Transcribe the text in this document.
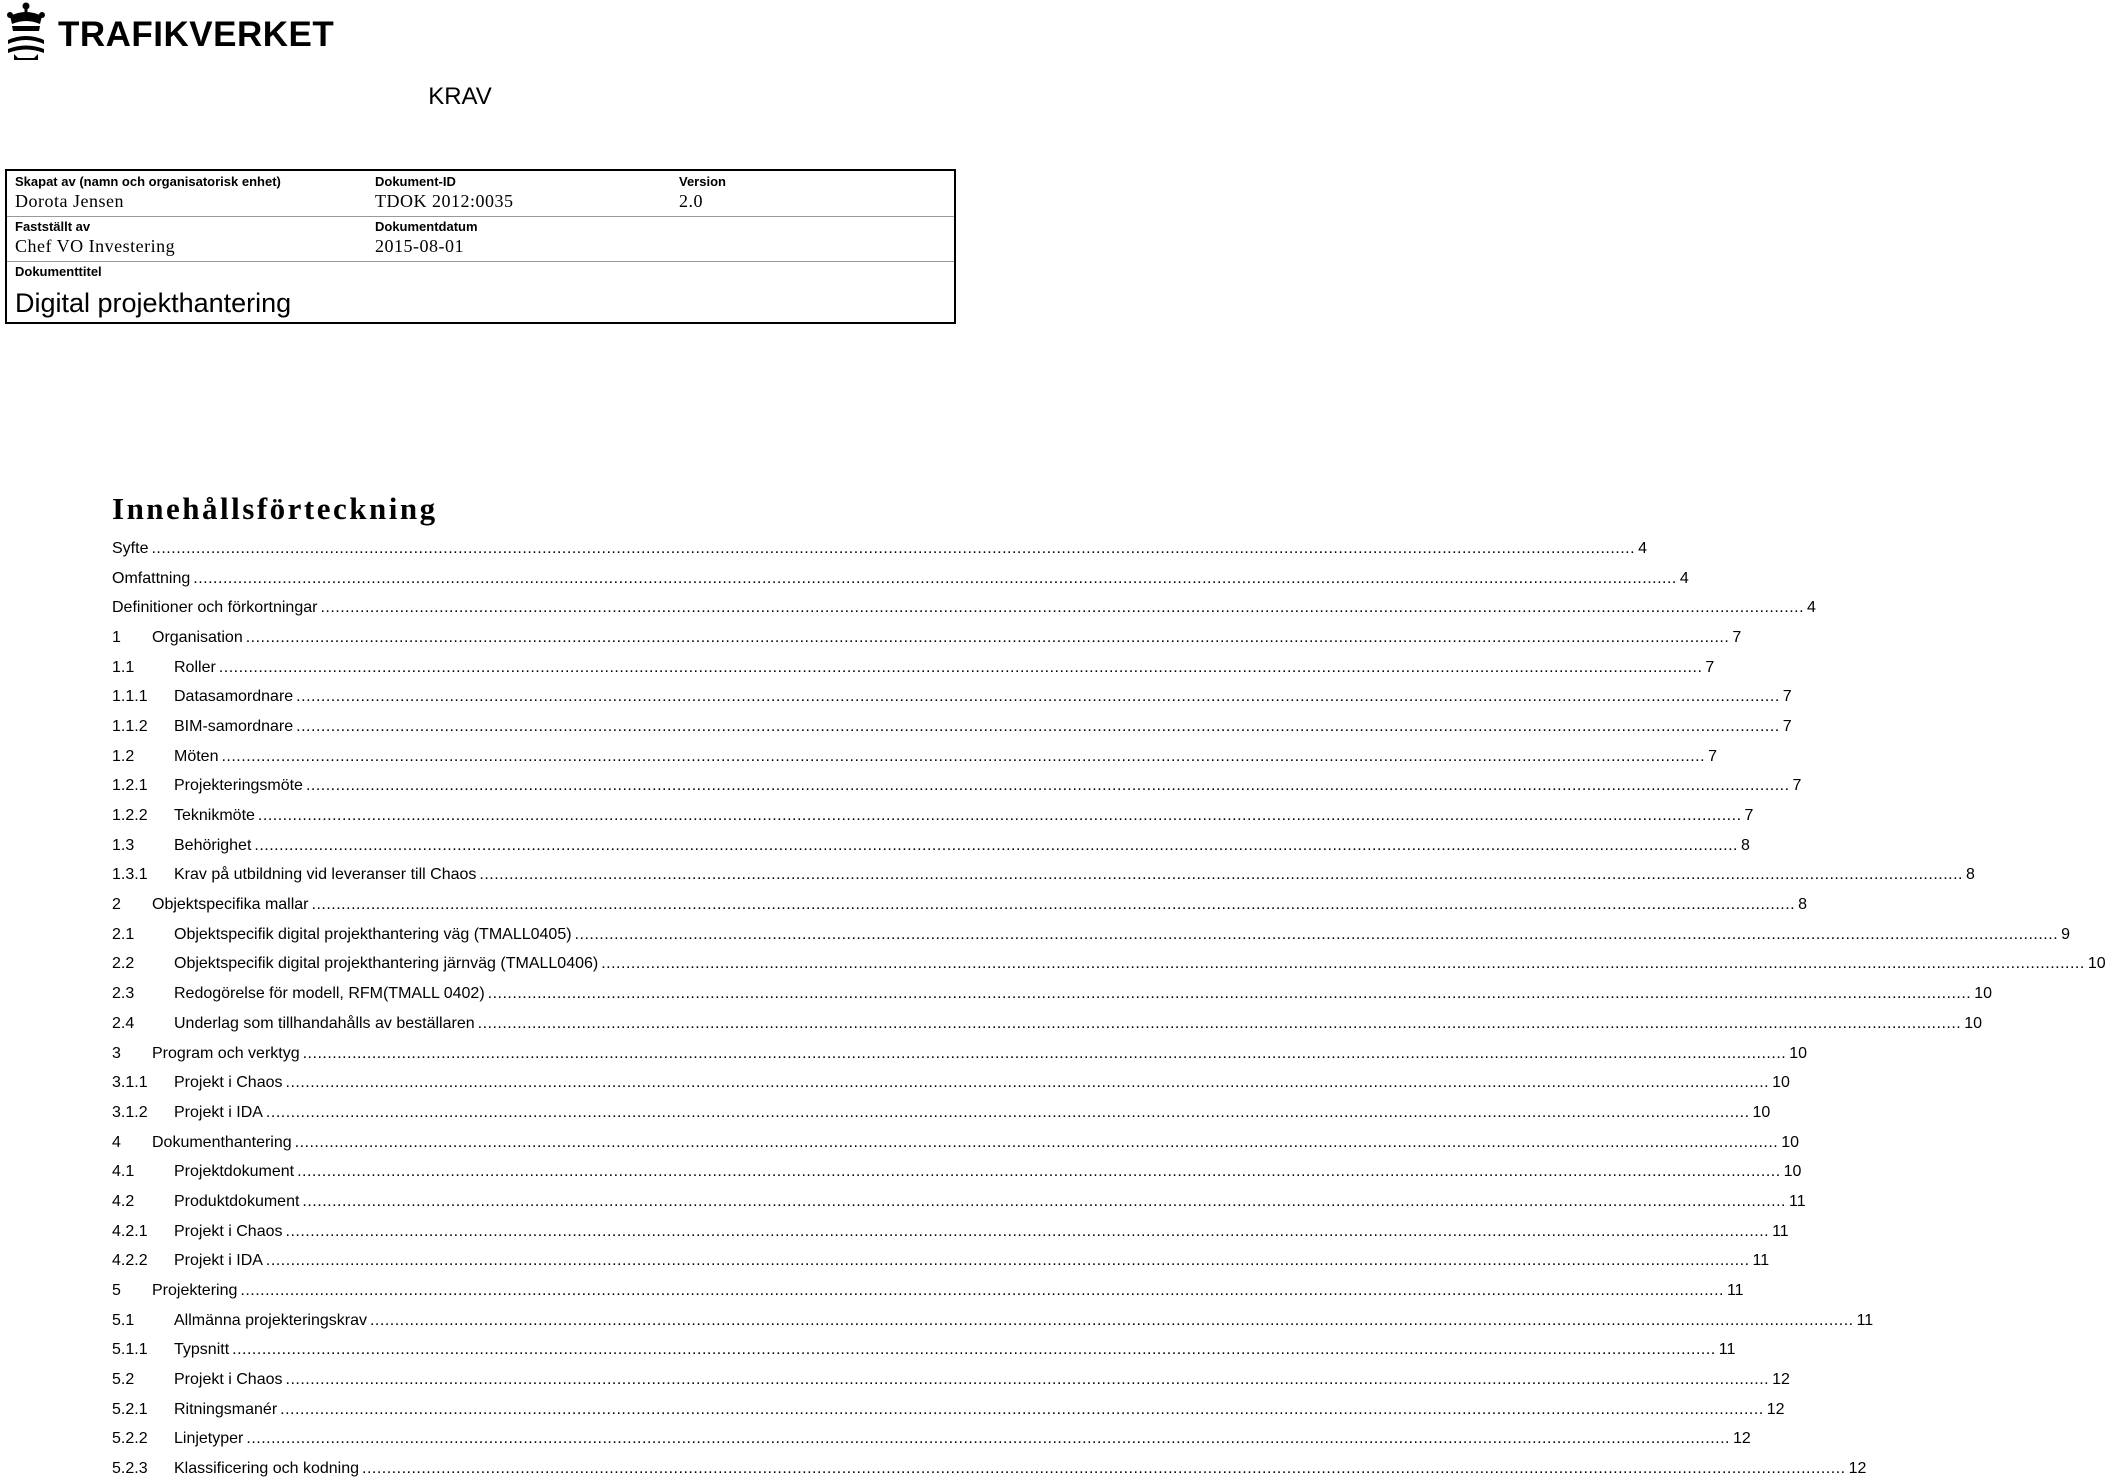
TRAFIKVERKET
KRAV
Skapat av (namn och organisatorisk enhet)
Dorota Jensen
Dokument-ID
TDOK 2012:0035
Version
2.0
Fastställt av
Chef VO Investering
Dokumentdatum
2015-08-01
Dokumenttitel
Digital projekthantering
Innehållsförteckning
Syfte ............................................................................................................................................................................................................................................................................................................ 4
Omfattning ............................................................................................................................................................................................................................................................................................................ 4
Definitioner och förkortningar ............................................................................................................................................................................................................................................................................................................ 4
1	Organisation ............................................................................................................................................................................................................................................................................................................ 7
1.1	Roller ............................................................................................................................................................................................................................................................................................................ 7
1.1.1	Datasamordnare ............................................................................................................................................................................................................................................................................................................ 7
1.1.2	BIM-samordnare ............................................................................................................................................................................................................................................................................................................ 7
1.2	Möten ............................................................................................................................................................................................................................................................................................................ 7
1.2.1	Projekteringsmöte ............................................................................................................................................................................................................................................................................................................ 7
1.2.2	Teknikmöte ............................................................................................................................................................................................................................................................................................................ 7
1.3	Behörighet ............................................................................................................................................................................................................................................................................................................ 8
1.3.1	Krav på utbildning vid leveranser till Chaos ............................................................................................................................................................................................................................................................................................................ 8
2	Objektspecifika mallar ............................................................................................................................................................................................................................................................................................................ 8
2.1	Objektspecifik digital projekthantering väg (TMALL0405) ............................................................................................................................................................................................................................................................................................................ 9
2.2	Objektspecifik digital projekthantering järnväg (TMALL0406) ............................................................................................................................................................................................................................................................................................................ 10
2.3	Redogörelse för modell, RFM(TMALL 0402) ............................................................................................................................................................................................................................................................................................................ 10
2.4	Underlag som tillhandahålls av beställaren ............................................................................................................................................................................................................................................................................................................ 10
3	Program och verktyg ............................................................................................................................................................................................................................................................................................................ 10
3.1.1	Projekt i Chaos ............................................................................................................................................................................................................................................................................................................ 10
3.1.2	Projekt i IDA ............................................................................................................................................................................................................................................................................................................ 10
4	Dokumenthantering ............................................................................................................................................................................................................................................................................................................ 10
4.1	Projektdokument ............................................................................................................................................................................................................................................................................................................ 10
4.2	Produktdokument ............................................................................................................................................................................................................................................................................................................ 11
4.2.1	Projekt i Chaos ............................................................................................................................................................................................................................................................................................................ 11
4.2.2	Projekt i IDA ............................................................................................................................................................................................................................................................................................................ 11
5	Projektering ............................................................................................................................................................................................................................................................................................................ 11
5.1	Allmänna projekteringskrav ............................................................................................................................................................................................................................................................................................................ 11
5.1.1	Typsnitt ............................................................................................................................................................................................................................................................................................................ 11
5.2	Projekt i Chaos ............................................................................................................................................................................................................................................................................................................ 12
5.2.1	Ritningsmanér ............................................................................................................................................................................................................................................................................................................ 12
5.2.2	Linjetyper ............................................................................................................................................................................................................................................................................................................ 12
5.2.3	Klassificering och kodning ............................................................................................................................................................................................................................................................................................................ 12
